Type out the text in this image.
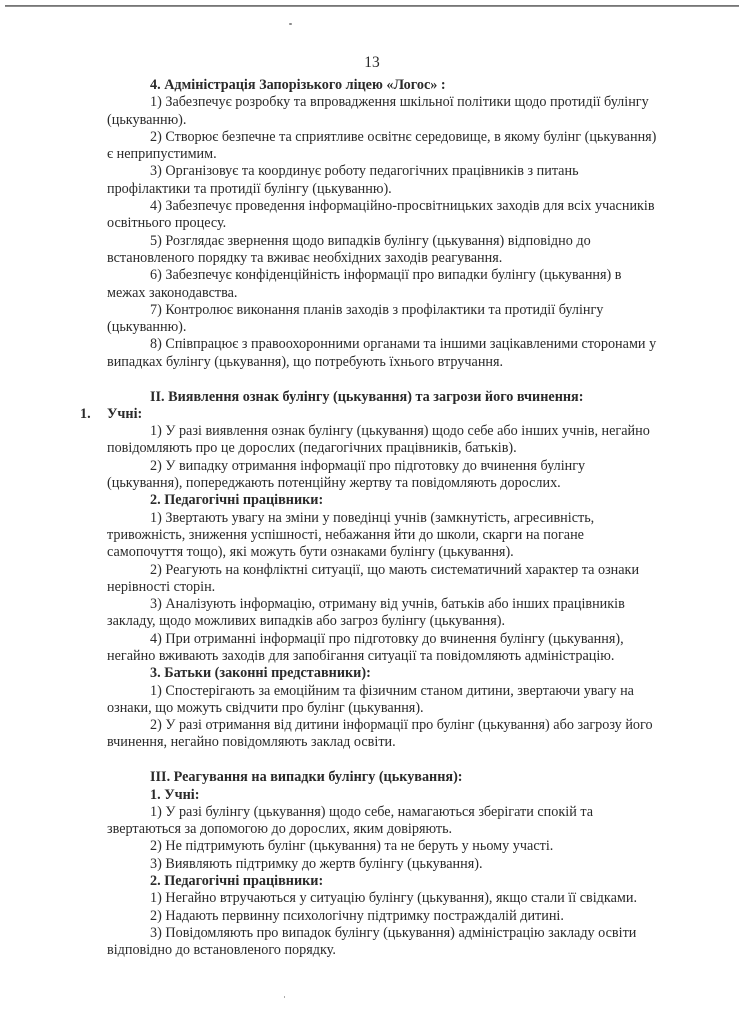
13
4. Адміністрація Запорізького ліцею «Логос» :
1) Забезпечує розробку та впровадження шкільної політики щодо протидії булінгу
(цькуванню).
2) Створює безпечне та сприятливе освітнє середовище, в якому булінг (цькування)
є неприпустимим.
3) Організовує та координує роботу педагогічних працівників з питань
профілактики та протидії булінгу (цькуванню).
4) Забезпечує проведення інформаційно-просвітницьких заходів для всіх учасників
освітнього процесу.
5) Розглядає звернення щодо випадків булінгу (цькування) відповідно до
встановленого порядку та вживає необхідних заходів реагування.
6) Забезпечує конфіденційність інформації про випадки булінгу (цькування) в
межах законодавства.
7) Контролює виконання планів заходів з профілактики та протидії булінгу
(цькуванню).
8) Співпрацює з правоохоронними органами та іншими зацікавленими сторонами у
випадках булінгу (цькування), що потребують їхнього втручання.
ІІ. Виявлення ознак булінгу (цькування) та загрози його вчинення:
1. Учні:
1) У разі виявлення ознак булінгу (цькування) щодо себе або інших учнів, негайно
повідомляють про це дорослих (педагогічних працівників, батьків).
2) У випадку отримання інформації про підготовку до вчинення булінгу
(цькування), попереджають потенційну жертву та повідомляють дорослих.
2. Педагогічні працівники:
1) Звертають увагу на зміни у поведінці учнів (замкнутість, агресивність,
тривожність, зниження успішності, небажання йти до школи, скарги на погане
самопочуття тощо), які можуть бути ознаками булінгу (цькування).
2) Реагують на конфліктні ситуації, що мають систематичний характер та ознаки
нерівності сторін.
3) Аналізують інформацію, отриману від учнів, батьків або інших працівників
закладу, щодо можливих випадків або загроз булінгу (цькування).
4) При отриманні інформації про підготовку до вчинення булінгу (цькування),
негайно вживають заходів для запобігання ситуації та повідомляють адміністрацію.
3. Батьки (законні представники):
1) Спостерігають за емоційним та фізичним станом дитини, звертаючи увагу на
ознаки, що можуть свідчити про булінг (цькування).
2) У разі отримання від дитини інформації про булінг (цькування) або загрозу його
вчинення, негайно повідомляють заклад освіти.
ІІІ. Реагування на випадки булінгу (цькування):
1. Учні:
1) У разі булінгу (цькування) щодо себе, намагаються зберігати спокій та
звертаються за допомогою до дорослих, яким довіряють.
2) Не підтримують булінг (цькування) та не беруть у ньому участі.
3) Виявляють підтримку до жертв булінгу (цькування).
2. Педагогічні працівники:
1) Негайно втручаються у ситуацію булінгу (цькування), якщо стали її свідками.
2) Надають первинну психологічну підтримку постраждалій дитині.
3) Повідомляють про випадок булінгу (цькування) адміністрацію закладу освіти
відповідно до встановленого порядку.
